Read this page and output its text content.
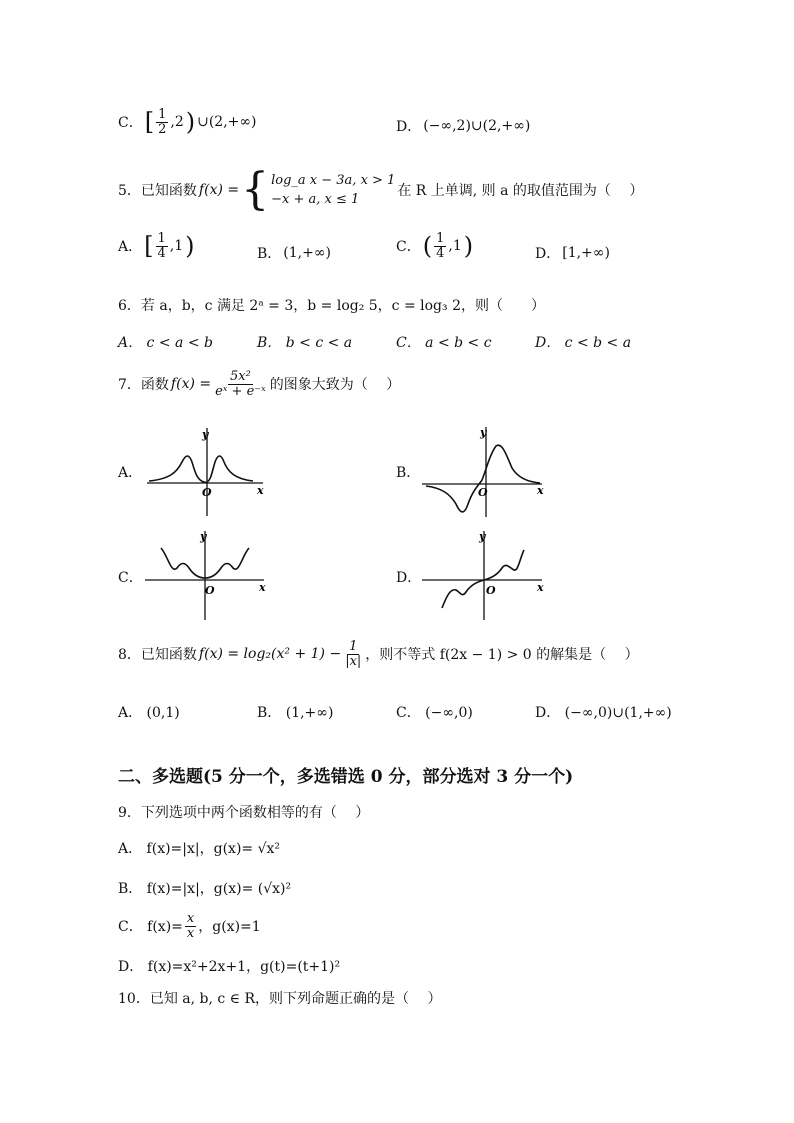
C． [ $\frac{1}{2} ,2$ ) ∪(2,+∞)	D． (−∞,2)∪(2,+∞)
5．已知函数 f(x) = { log_a x − 3a, x > 1
−x + a, x ≤ 1
在 R 上单调, 则 a 的取值范围为（　 ）
A． [ $\frac{1}{4} ,1$ )	B． (1,+∞)	C． ( $\frac{1}{4} ,1$ )	D． [1,+∞)
6．若 a，b，c 满足 2ᵃ = 3，b = log₂ 5，c = log₃ 2，则（　　）
A． c < a < b	B． b < c < a	C． a < b < c	D． c < b < a
7．函数 $f(x) = \frac{\text{5x²}}{\text{eˣ + e⁻ˣ}}$ 的图象大致为（　 ）
A．
y
x
O
B．
y
x
O
C．
y
x
O
D．
y
x
O
8．已知函数 $f(x) = \log_2(x^2 + 1) - \frac{1}{|x|}$ ，则不等式 f(2x − 1) > 0 的解集是（　 ）
A． (0,1)	B． (1,+∞)	C． (−∞,0)	D． (−∞,0)∪(1,+∞)
二、多选题(5 分一个，多选错选 0 分，部分选对 3 分一个)
9．下列选项中两个函数相等的有（　 ）
A． f(x)=|x|，g(x)= √x²
B． f(x)=|x|，g(x)= (√x)²
C． $f(x)= \frac{x}{x}$ ，g(x)=1
D． f(x)=x²+2x+1，g(t)=(t+1)²
10．已知 a, b, c ∈ R，则下列命题正确的是（　 ）
